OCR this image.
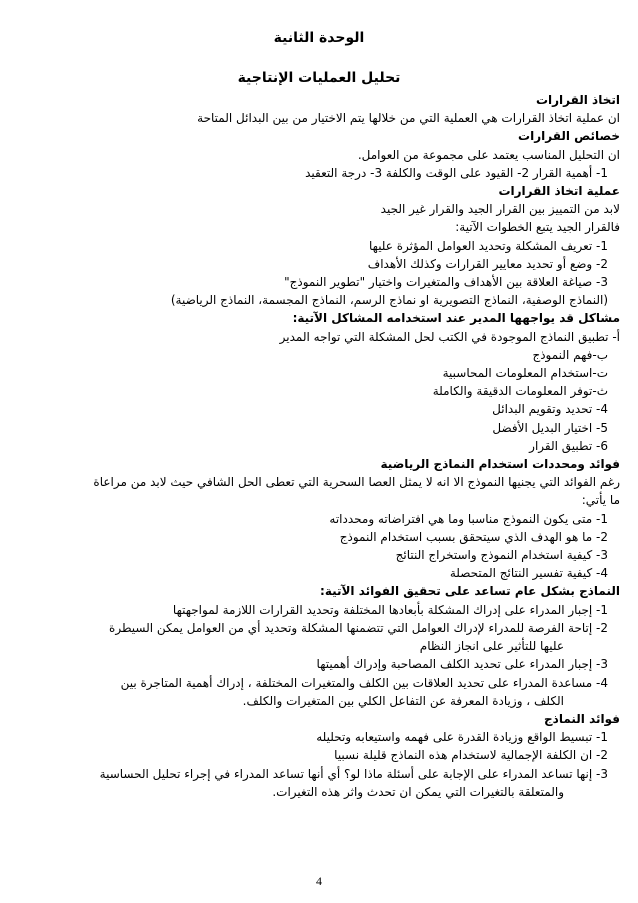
الوحدة الثانية
تحليل العمليات الإنتاجية
اتخاذ القرارات
ان عملية اتخاذ القرارات هي العملية التي من خلالها يتم الاختيار من بين البدائل المتاحة
خصائص القرارات
ان التحليل المناسب يعتمد على مجموعة من العوامل.
1- أهمية القرار 2- القيود على الوقت والكلفة 3- درجة التعقيد
عملية اتخاذ القرارات
لابد من التمييز بين القرار الجيد والقرار غير الجيد
فالقرار الجيد يتبع الخطوات الآتية:
1- تعريف المشكلة وتحديد العوامل المؤثرة عليها
2- وضع أو تحديد معايير القرارات وكذلك الأهداف
3- صياغة العلاقة بين الأهداف والمتغيرات واختيار "تطوير النموذج"
(النماذج الوصفية، النماذج التصويرية او نماذج الرسم، النماذج المجسمة، النماذج الرياضية)
مشاكل قد يواجهها المدير عند استخدامه المشاكل الآتية:
أ- تطبيق النماذج الموجودة في الكتب لحل المشكلة التي تواجه المدير
ب-فهم النموذج
ت-استخدام المعلومات المحاسبية
ث-توفر المعلومات الدقيقة والكاملة
4- تحديد وتقويم البدائل
5- اختيار البديل الأفضل
6- تطبيق القرار
فوائد ومحددات استخدام النماذج الرياضية
رغم الفوائد التي يجنيها النموذج الا انه لا يمثل العصا السحرية التي تعطى الحل الشافي حيث لابد من مراعاة
ما يأتي:
1- متى يكون النموذج مناسبا وما هي افتراضاته ومحدداته
2- ما هو الهدف الذي سيتحقق بسبب استخدام النموذج
3- كيفية استخدام النموذج واستخراج النتائج
4- كيفية تفسير النتائج المتحصلة
النماذج بشكل عام تساعد على تحقيق الفوائد الآتية:
1- إجبار المدراء على إدراك المشكلة بأبعادها المختلفة وتحديد القرارات اللازمة لمواجهتها
2- إتاحة الفرصة للمدراء لإدراك العوامل التي تتضمنها المشكلة وتحديد أي من العوامل يمكن السيطرة
عليها للتأثير على انجاز النظام
3- إجبار المدراء على تحديد الكلف المصاحبة وإدراك أهميتها
4- مساعدة المدراء على تحديد العلاقات بين الكلف والمتغيرات المختلفة ، إدراك أهمية المتاجرة بين
الكلف ، وزيادة المعرفة عن التفاعل الكلي بين المتغيرات والكلف.
فوائد النماذج
1- تبسيط الواقع وزيادة القدرة على فهمه واستيعابه وتحليله
2- ان الكلفة الإجمالية لاستخدام هذه النماذج قليلة نسبيا
3- إنها تساعد المدراء على الإجابة على أسئلة ماذا لو؟ أي أنها تساعد المدراء في إجراء تحليل الحساسية
والمتعلقة بالتغيرات التي يمكن ان تحدث واثر هذه التغيرات.
4
